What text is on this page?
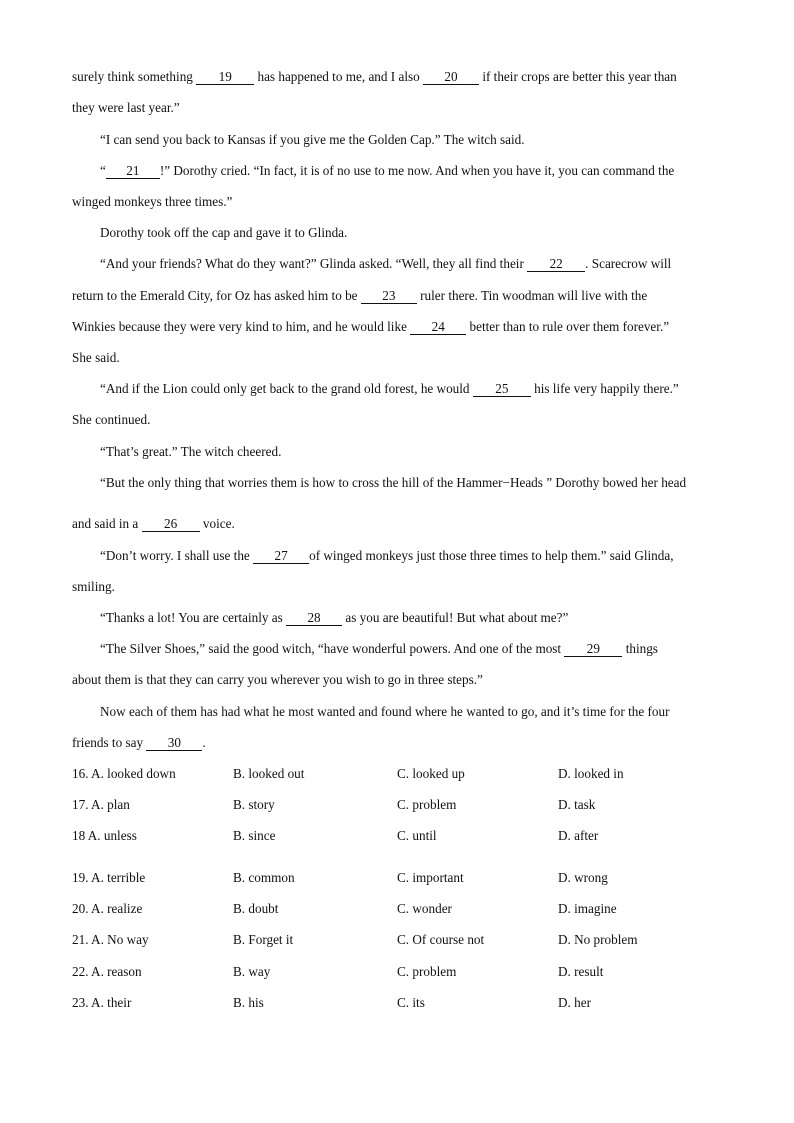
surely think something 19 has happened to me, and I also 20 if their crops are better this year than
they were last year.”
“I can send you back to Kansas if you give me the Golden Cap.” The witch said.
“ 21 !” Dorothy cried. “In fact, it is of no use to me now. And when you have it, you can command the
winged monkeys three times.”
Dorothy took off the cap and gave it to Glinda.
“And your friends? What do they want?” Glinda asked. “Well, they all find their 22 . Scarecrow will
return to the Emerald City, for Oz has asked him to be 23 ruler there. Tin woodman will live with the
Winkies because they were very kind to him, and he would like 24 better than to rule over them forever.”
She said.
“And if the Lion could only get back to the grand old forest, he would 25 his life very happily there.”
She continued.
“That’s great.” The witch cheered.
“But the only thing that worries them is how to cross the hill of the Hammer−Heads ” Dorothy bowed her head
and said in a 26 voice.
“Don’t worry. I shall use the 27 of winged monkeys just those three times to help them.” said Glinda,
smiling.
“Thanks a lot! You are certainly as 28 as you are beautiful! But what about me?”
“The Silver Shoes,” said the good witch, “have wonderful powers. And one of the most 29 things
about them is that they can carry you wherever you wish to go in three steps.”
Now each of them has had what he most wanted and found where he wanted to go, and it’s time for the four
friends to say 30 .
16. A. looked down	B. looked out	C. looked up	D. looked in
17. A. plan	B. story	C. problem	D. task
18 A. unless	B. since	C. until	D. after
19. A. terrible	B. common	C. important	D. wrong
20. A. realize	B. doubt	C. wonder	D. imagine
21. A. No way	B. Forget it	C. Of course not	D. No problem
22. A. reason	B. way	C. problem	D. result
23. A. their	B. his	C. its	D. her
